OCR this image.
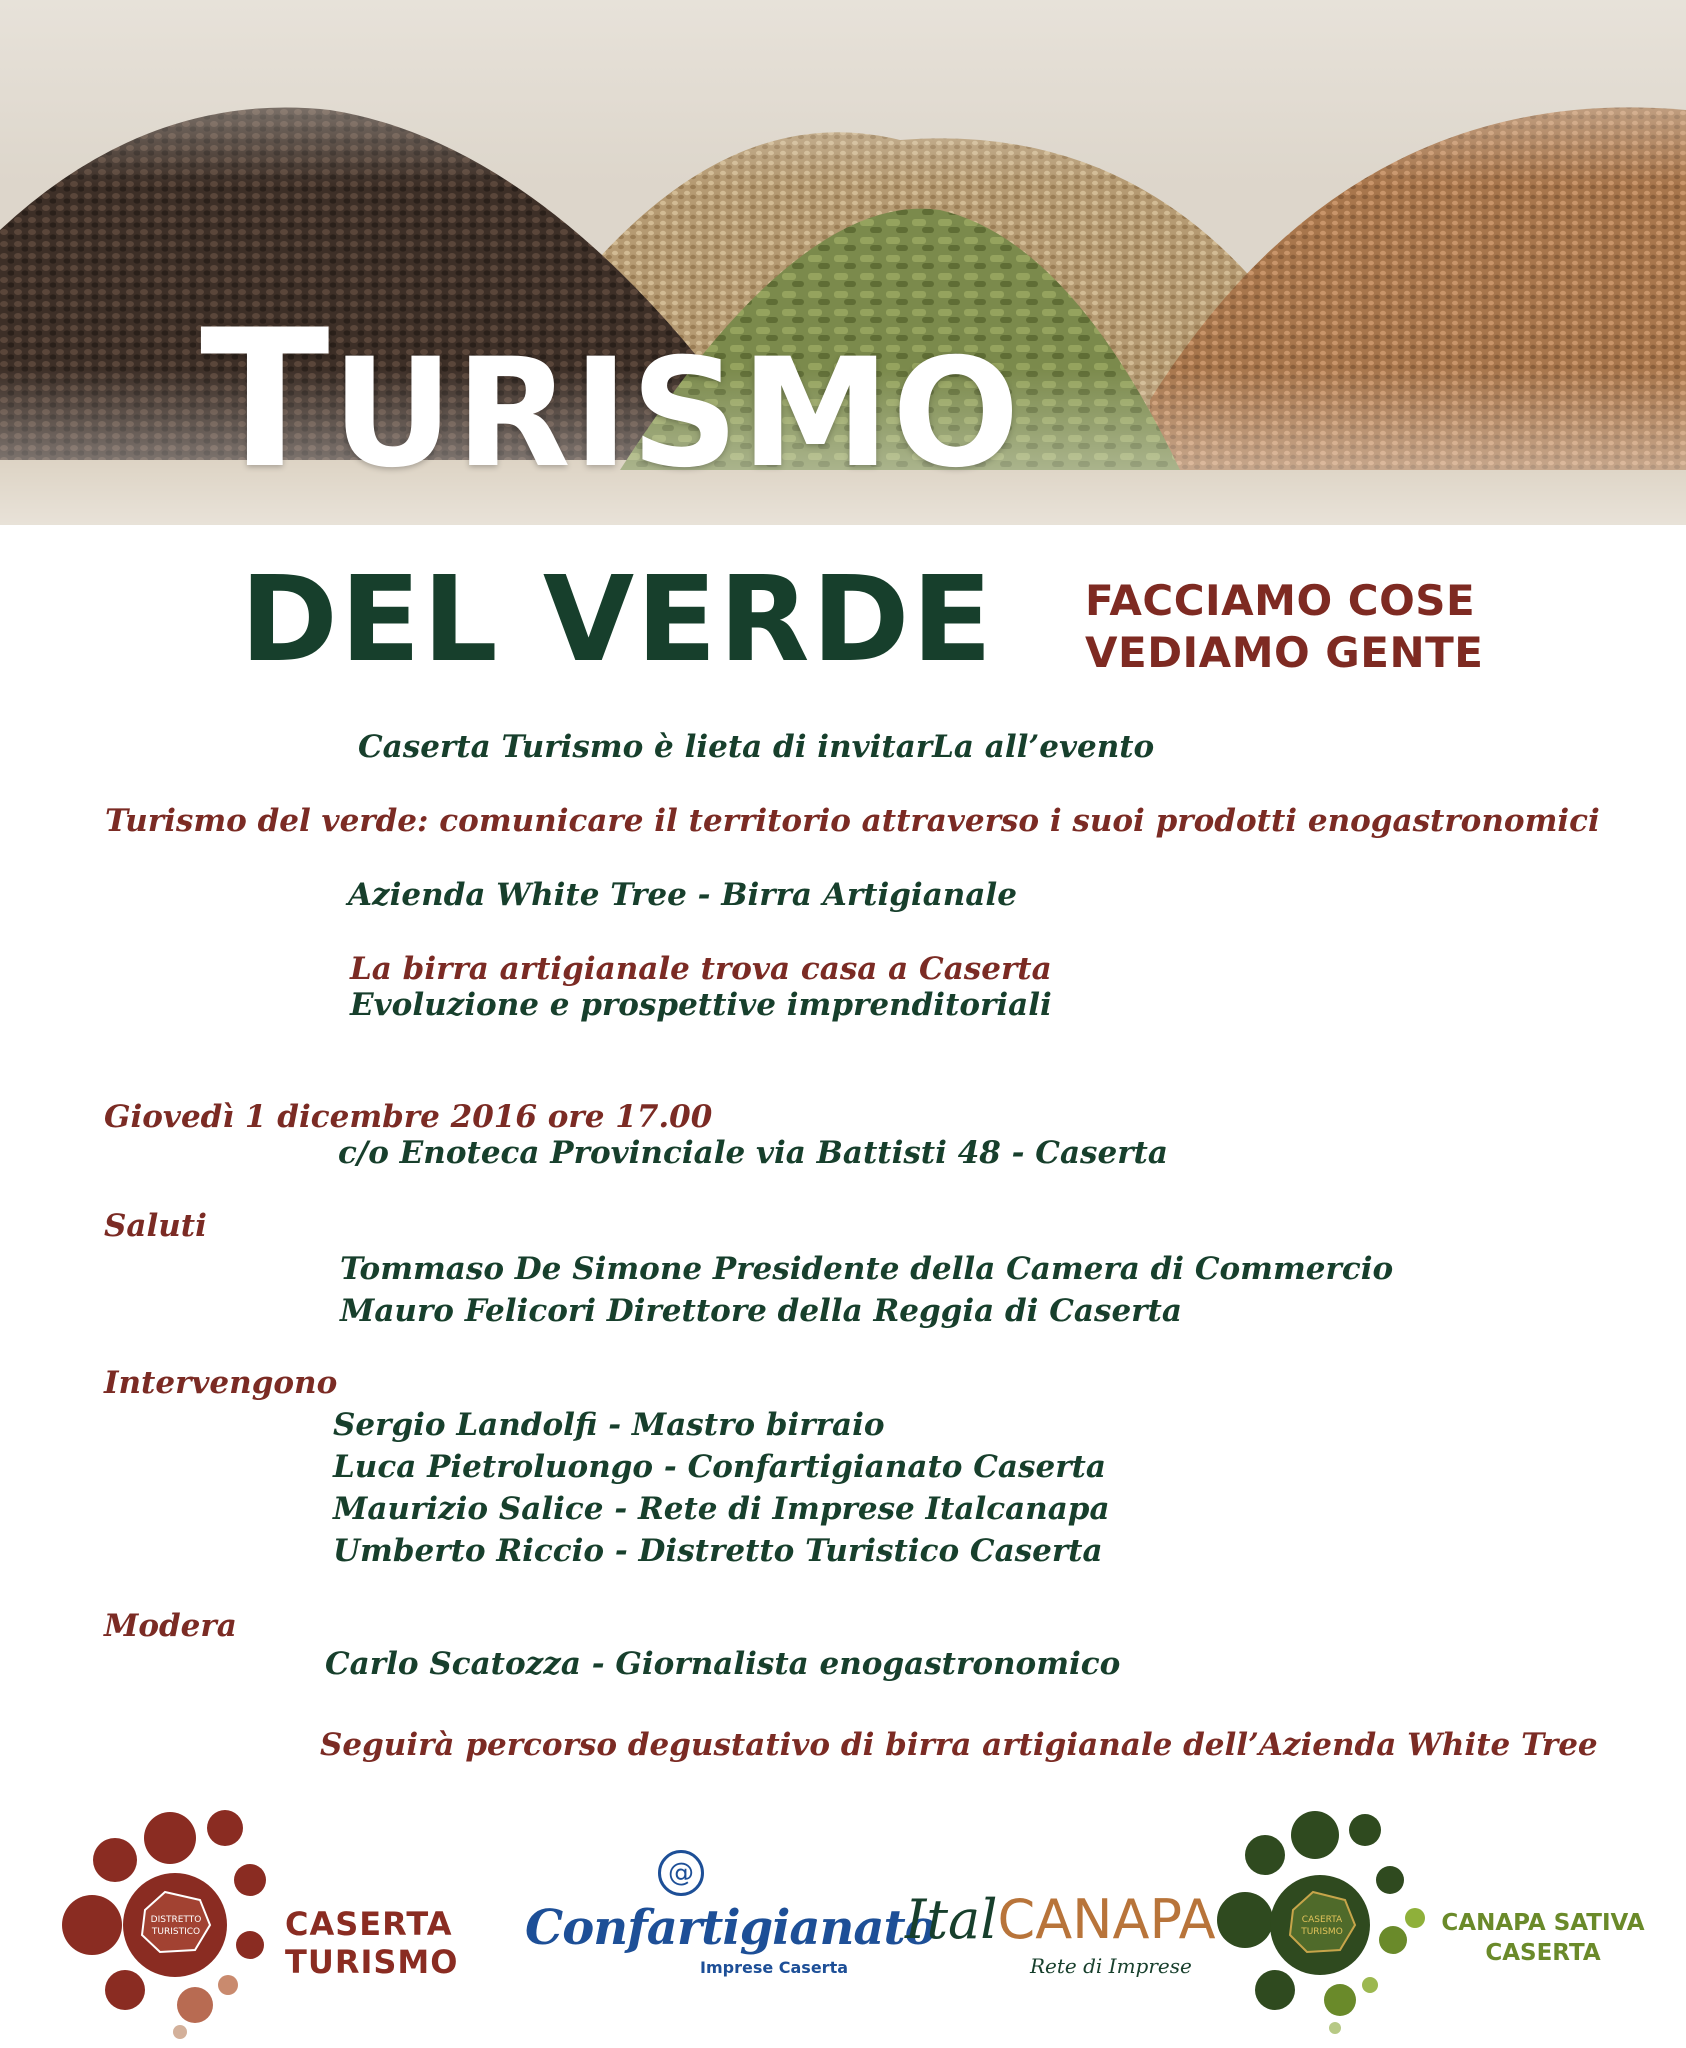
TURISMO
DEL VERDE FACCIAMO COSE
VEDIAMO GENTE
Caserta Turismo è lieta di invitarLa all’evento
Turismo del verde: comunicare il territorio attraverso i suoi prodotti enogastronomici
Azienda White Tree - Birra Artigianale
La birra artigianale trova casa a Caserta
Evoluzione e prospettive imprenditoriali
Giovedì 1 dicembre 2016 ore 17.00
c/o Enoteca Provinciale via Battisti 48 - Caserta
Saluti
Tommaso De Simone Presidente della Camera di Commercio
Mauro Felicori Direttore della Reggia di Caserta
Intervengono
Sergio Landolfi - Mastro birraio
Luca Pietroluongo - Confartigianato Caserta
Maurizio Salice - Rete di Imprese Italcanapa
Umberto Riccio - Distretto Turistico Caserta
Modera
Carlo Scatozza - Giornalista enogastronomico
Seguirà percorso degustativo di birra artigianale dell’Azienda White Tree
DISTRETTO
TURISTICO	CASERTA
TURISMO
@
Confartigianato
Imprese Caserta
ItalCANAPA
Rete di Imprese
CASERTA
TURISMO	CANAPA SATIVA
CASERTA
